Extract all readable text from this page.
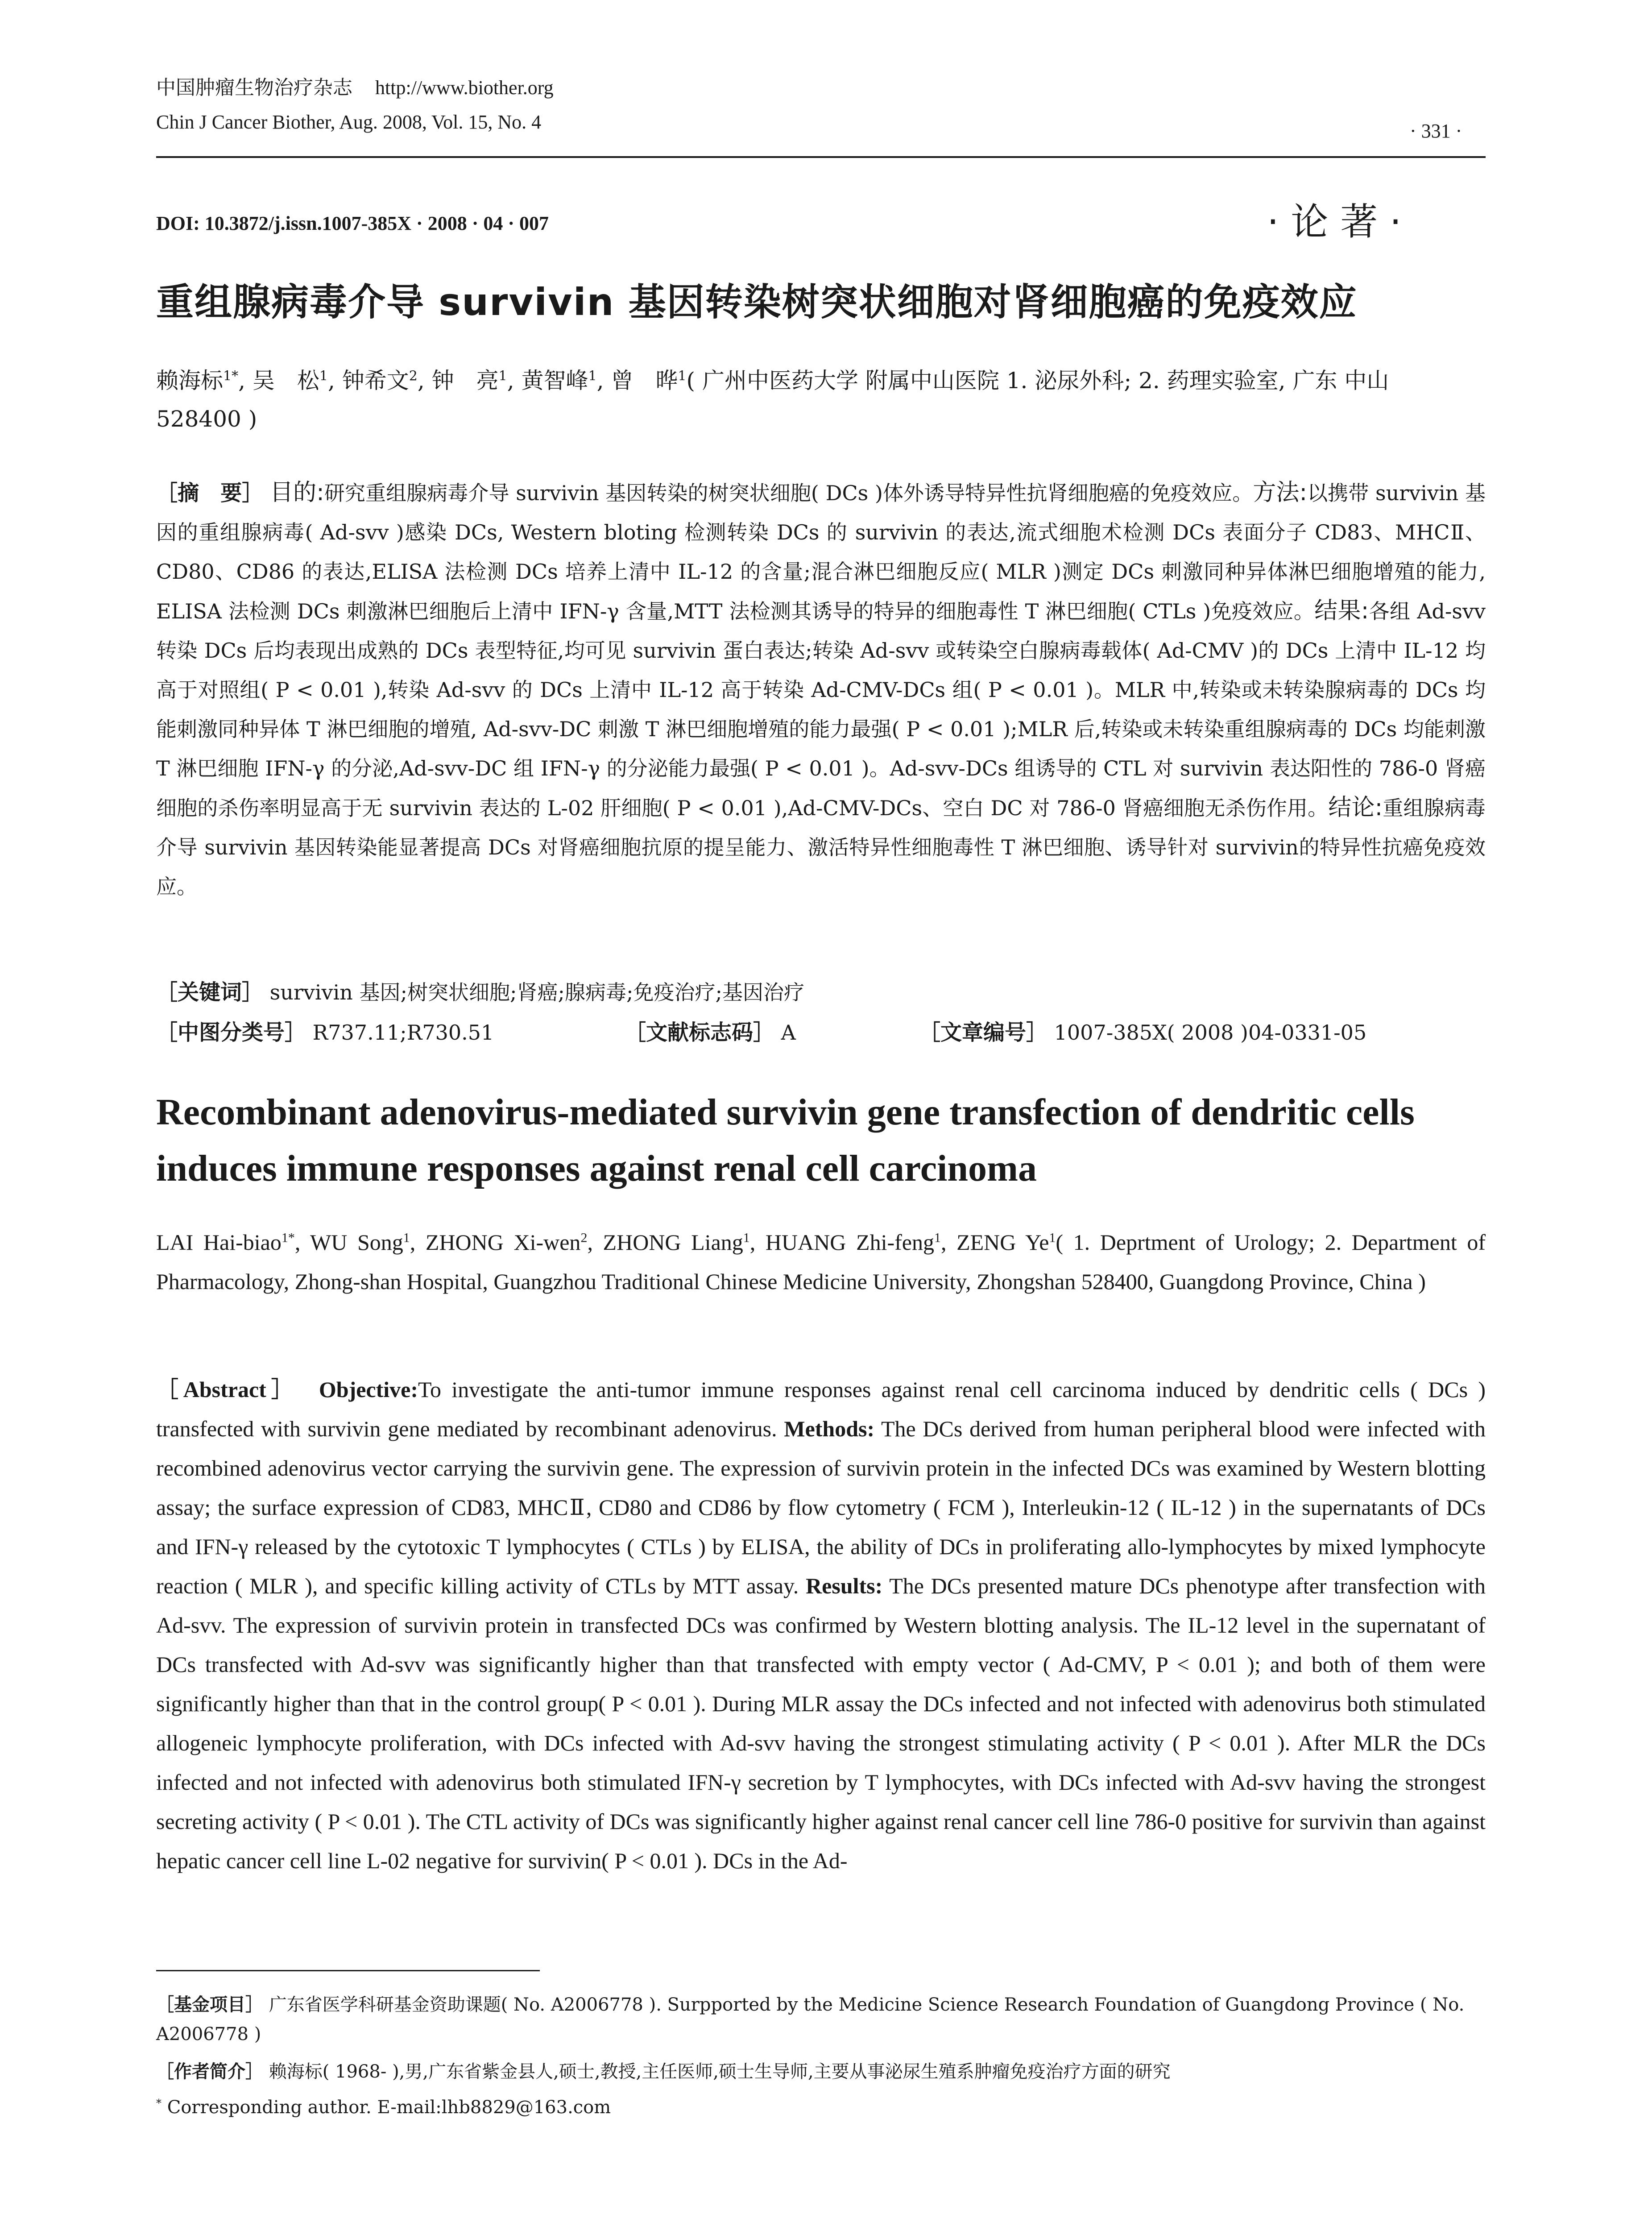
中国肿瘤生物治疗杂志 http://www.biother.org
Chin J Cancer Biother, Aug. 2008, Vol. 15, No. 4	· 331 ·
DOI: 10.3872/j.issn.1007-385X · 2008 · 04 · 007	· 论 著 ·
重组腺病毒介导 survivin 基因转染树突状细胞对肾细胞癌的免疫效应
赖海标$^{1*}$, 吴　松$^1$, 钟希文$^2$, 钟　亮$^1$, 黄智峰$^1$, 曾　晔$^1$( 广州中医药大学 附属中山医院 1. 泌尿外科; 2. 药理实验室, 广东 中山　528400 )
［摘　要］ 目的:研究重组腺病毒介导 survivin 基因转染的树突状细胞( DCs )体外诱导特异性抗肾细胞癌的免疫效应。方法:以携带 survivin 基因的重组腺病毒( Ad-svv )感染 DCs, Western bloting 检测转染 DCs 的 survivin 的表达,流式细胞术检测 DCs 表面分子 CD83、MHCⅡ、CD80、CD86 的表达,ELISA 法检测 DCs 培养上清中 IL-12 的含量;混合淋巴细胞反应( MLR )测定 DCs 刺激同种异体淋巴细胞增殖的能力, ELISA 法检测 DCs 刺激淋巴细胞后上清中 IFN-γ 含量,MTT 法检测其诱导的特异的细胞毒性 T 淋巴细胞( CTLs )免疫效应。结果:各组 Ad-svv 转染 DCs 后均表现出成熟的 DCs 表型特征,均可见 survivin 蛋白表达;转染 Ad-svv 或转染空白腺病毒载体( Ad-CMV )的 DCs 上清中 IL-12 均高于对照组( P < 0.01 ),转染 Ad-svv 的 DCs 上清中 IL-12 高于转染 Ad-CMV-DCs 组( P < 0.01 )。MLR 中,转染或未转染腺病毒的 DCs 均能刺激同种异体 T 淋巴细胞的增殖, Ad-svv-DC 刺激 T 淋巴细胞增殖的能力最强( P < 0.01 );MLR 后,转染或未转染重组腺病毒的 DCs 均能刺激 T 淋巴细胞 IFN-γ 的分泌,Ad-svv-DC 组 IFN-γ 的分泌能力最强( P < 0.01 )。Ad-svv-DCs 组诱导的 CTL 对 survivin 表达阳性的 786-0 肾癌细胞的杀伤率明显高于无 survivin 表达的 L-02 肝细胞( P < 0.01 ),Ad-CMV-DCs、空白 DC 对 786-0 肾癌细胞无杀伤作用。结论:重组腺病毒介导 survivin 基因转染能显著提高 DCs 对肾癌细胞抗原的提呈能力、激活特异性细胞毒性 T 淋巴细胞、诱导针对 survivin的特异性抗癌免疫效应。
［关键词］ survivin 基因;树突状细胞;肾癌;腺病毒;免疫治疗;基因治疗
［中图分类号］ R737.11;R730.51	［文献标志码］ A	［文章编号］ 1007-385X( 2008 )04-0331-05
Recombinant adenovirus-mediated survivin gene transfection of dendritic cells induces immune responses against renal cell carcinoma
LAI Hai-biao$^{1*}$, WU Song$^1$, ZHONG Xi-wen$^2$, ZHONG Liang$^1$, HUANG Zhi-feng$^1$, ZENG Ye$^1$( 1. Deprtment of Urology; 2. Department of Pharmacology, Zhong-shan Hospital, Guangzhou Traditional Chinese Medicine University, Zhongshan 528400, Guangdong Province, China )
［Abstract］ Objective:To investigate the anti-tumor immune responses against renal cell carcinoma induced by dendritic cells ( DCs ) transfected with survivin gene mediated by recombinant adenovirus. Methods: The DCs derived from human peripheral blood were infected with recombined adenovirus vector carrying the survivin gene. The expression of survivin protein in the infected DCs was examined by Western blotting assay; the surface expression of CD83, MHCⅡ, CD80 and CD86 by flow cytometry ( FCM ), Interleukin-12 ( IL-12 ) in the supernatants of DCs and IFN-γ released by the cytotoxic T lymphocytes ( CTLs ) by ELISA, the ability of DCs in proliferating allo-lymphocytes by mixed lymphocyte reaction ( MLR ), and specific killing activity of CTLs by MTT assay. Results: The DCs presented mature DCs phenotype after transfection with Ad-svv. The expression of survivin protein in transfected DCs was confirmed by Western blotting analysis. The IL-12 level in the supernatant of DCs transfected with Ad-svv was significantly higher than that transfected with empty vector ( Ad-CMV, P < 0.01 ); and both of them were significantly higher than that in the control group( P < 0.01 ). During MLR assay the DCs infected and not infected with adenovirus both stimulated allogeneic lymphocyte proliferation, with DCs infected with Ad-svv having the strongest stimulating activity ( P < 0.01 ). After MLR the DCs infected and not infected with adenovirus both stimulated IFN-γ secretion by T lymphocytes, with DCs infected with Ad-svv having the strongest secreting activity ( P < 0.01 ). The CTL activity of DCs was significantly higher against renal cancer cell line 786-0 positive for survivin than against hepatic cancer cell line L-02 negative for survivin( P < 0.01 ). DCs in the Ad-
［基金项目］ 广东省医学科研基金资助课题( No. A2006778 ). Surpported by the Medicine Science Research Foundation of Guangdong Province ( No. A2006778 )
［作者简介］ 赖海标( 1968- ),男,广东省紫金县人,硕士,教授,主任医师,硕士生导师,主要从事泌尿生殖系肿瘤免疫治疗方面的研究
* Corresponding author. E-mail:lhb8829@163.com
